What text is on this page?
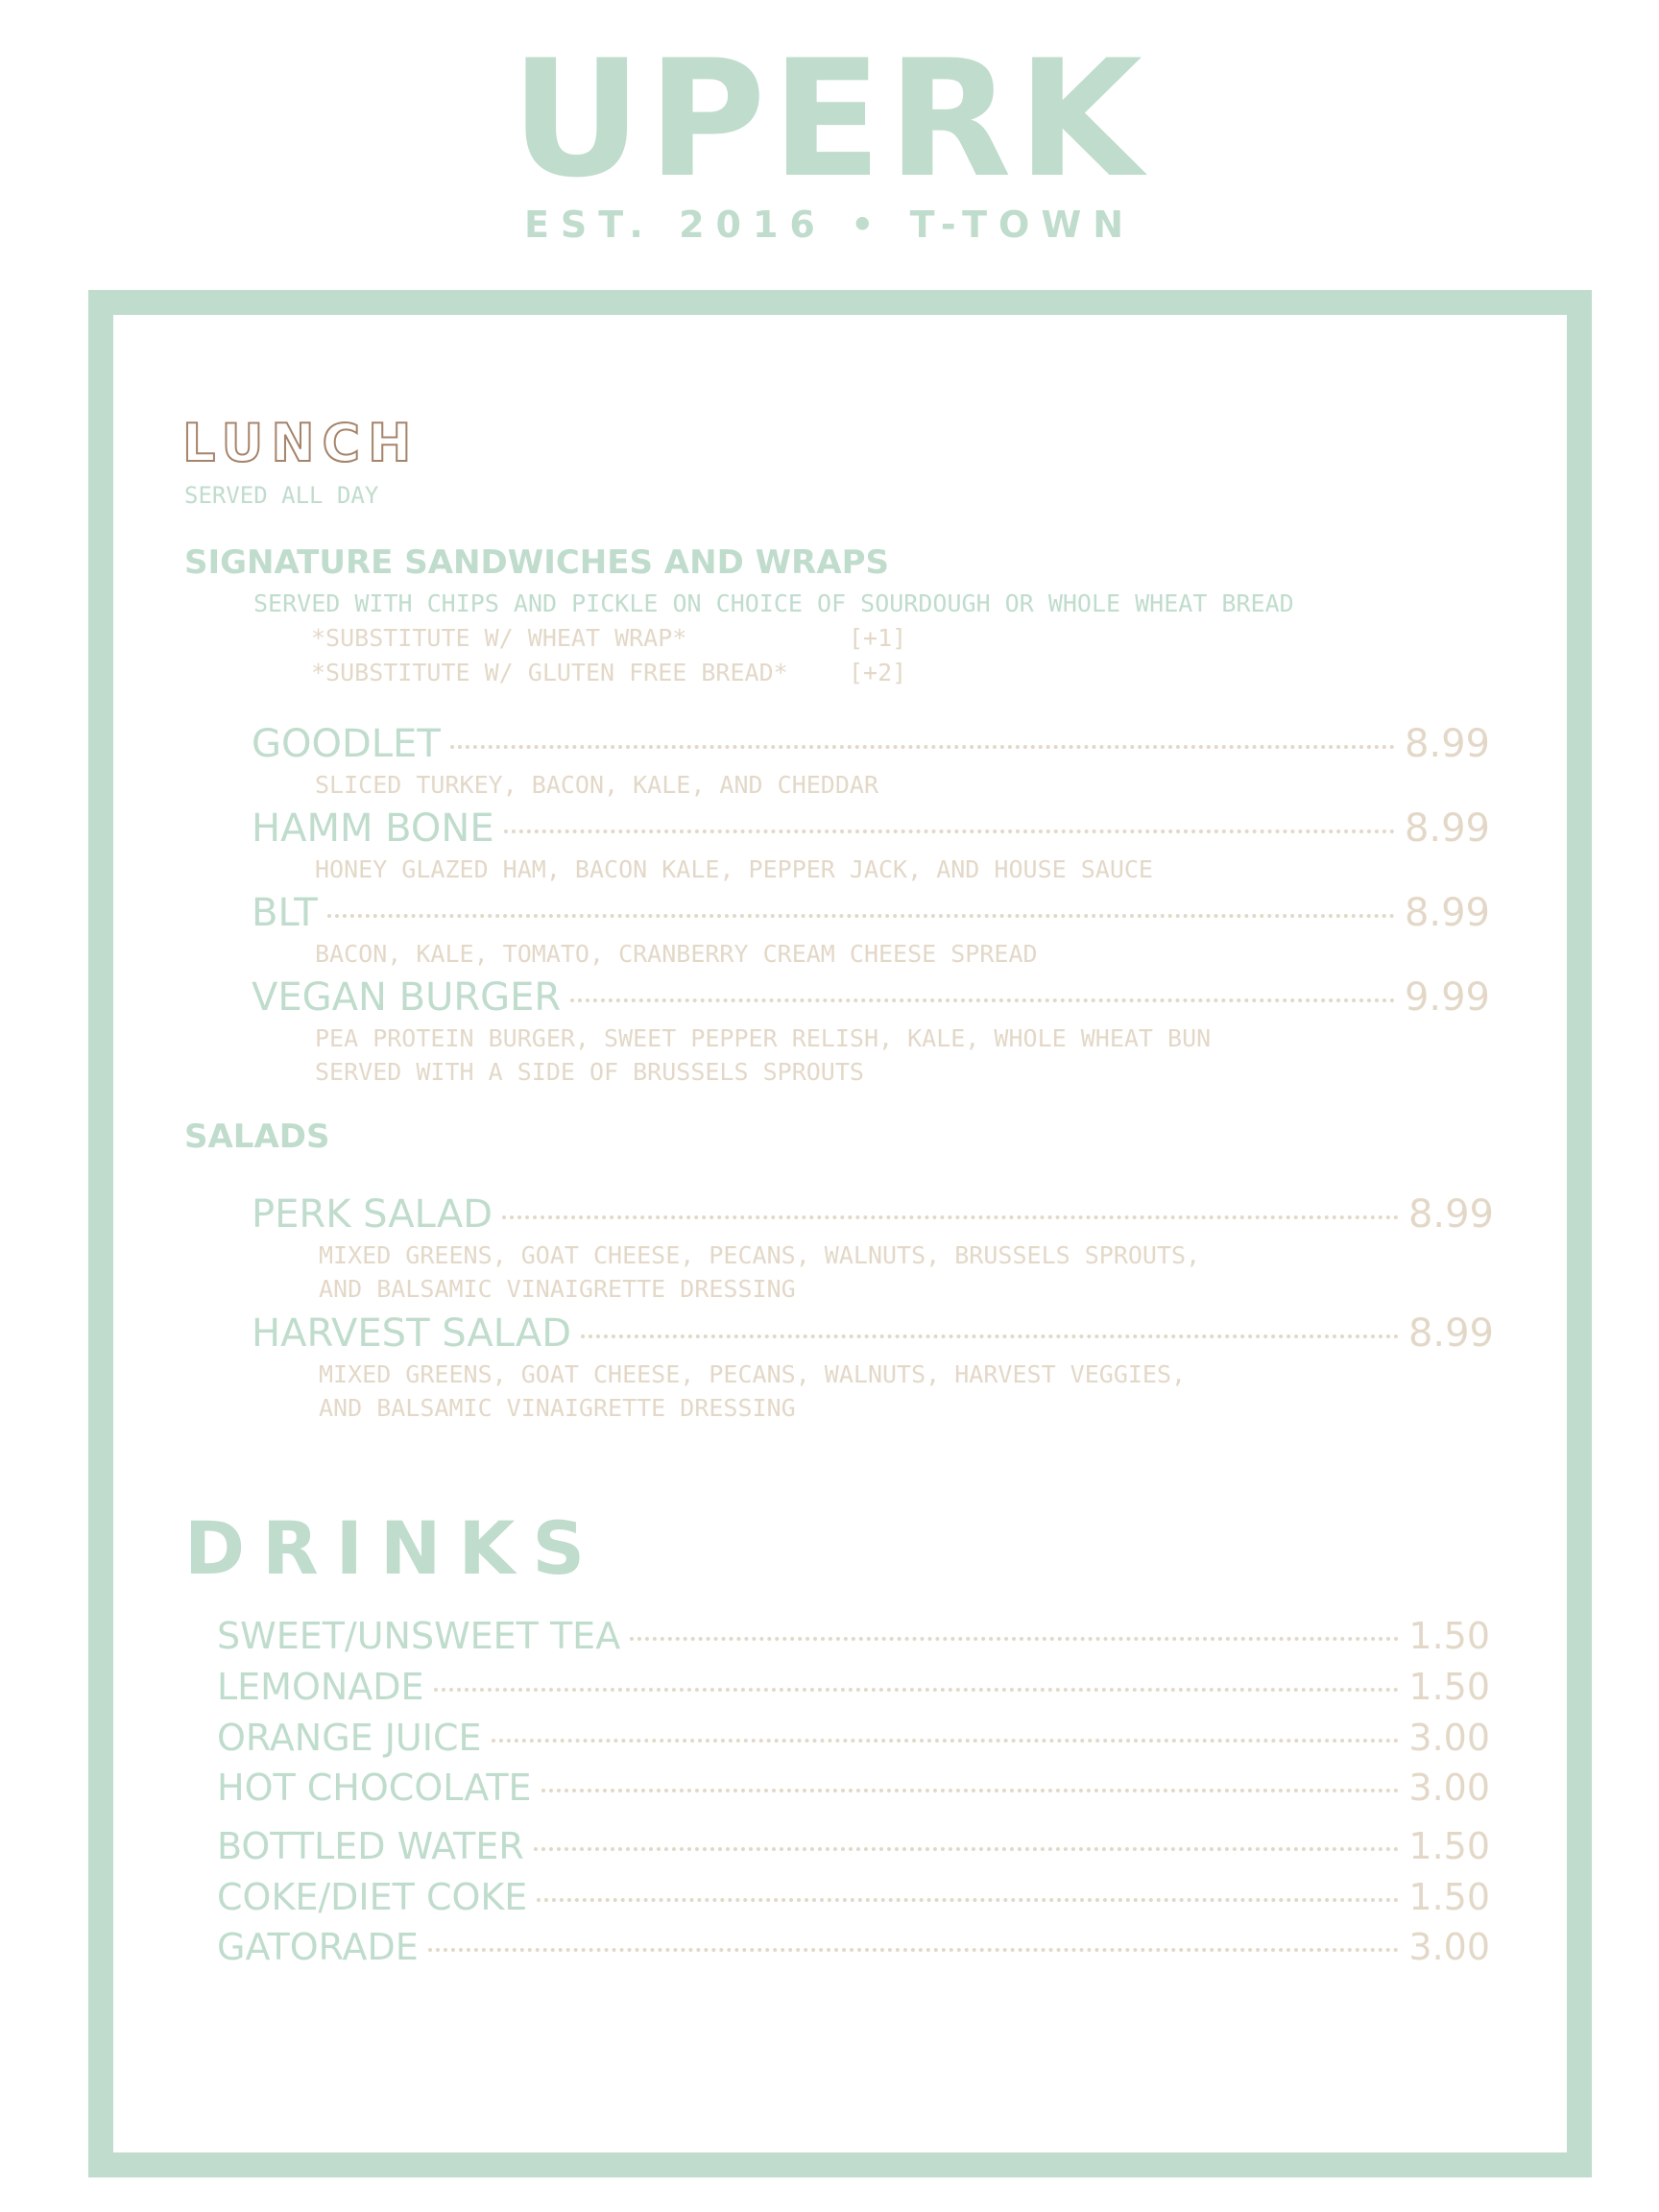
UPERK
EST. 2016 • T-TOWN
LUNCH
SERVED ALL DAY
SIGNATURE SANDWICHES AND WRAPS
SERVED WITH CHIPS AND PICKLE ON CHOICE OF SOURDOUGH OR WHOLE WHEAT BREAD
*SUBSTITUTE W/ WHEAT WRAP*	[+1]
*SUBSTITUTE W/ GLUTEN FREE BREAD*	[+2]
GOODLET	8.99
SLICED TURKEY, BACON, KALE, AND CHEDDAR
HAMM BONE	8.99
HONEY GLAZED HAM, BACON KALE, PEPPER JACK, AND HOUSE SAUCE
BLT	8.99
BACON, KALE, TOMATO, CRANBERRY CREAM CHEESE SPREAD
VEGAN BURGER	9.99
PEA PROTEIN BURGER, SWEET PEPPER RELISH, KALE, WHOLE WHEAT BUN
SERVED WITH A SIDE OF BRUSSELS SPROUTS
SALADS
PERK SALAD	8.99
MIXED GREENS, GOAT CHEESE, PECANS, WALNUTS, BRUSSELS SPROUTS,
AND BALSAMIC VINAIGRETTE DRESSING
HARVEST SALAD	8.99
MIXED GREENS, GOAT CHEESE, PECANS, WALNUTS, HARVEST VEGGIES,
AND BALSAMIC VINAIGRETTE DRESSING
DRINKS
SWEET/UNSWEET TEA	1.50
LEMONADE	1.50
ORANGE JUICE	3.00
HOT CHOCOLATE	3.00
BOTTLED WATER	1.50
COKE/DIET COKE	1.50
GATORADE	3.00
